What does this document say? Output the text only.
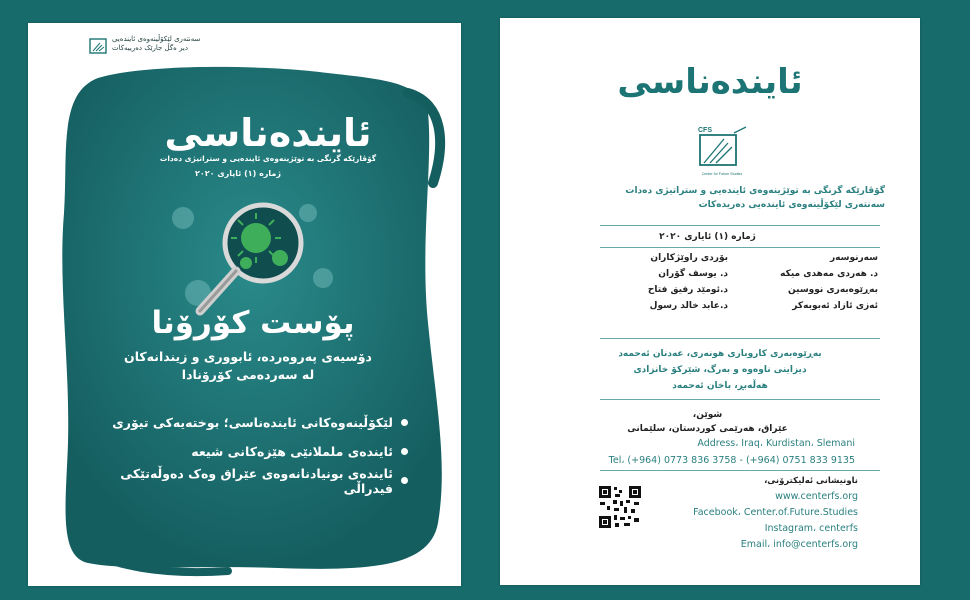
سەنتەری لێکۆڵینەوەی ئایندەیی
دیر ەگڵ جارێک دەرییەکات
ئایندەناسی
گۆڤارێکە گرنگی بە توێژینەوەی ئایندەیی و ستراتیژی دەدات
ژمارە (١) ئایاری ٢٠٢٠
پۆست کۆرۆنا
دۆسیەی پەروەردە، ئابووری و زیندانەکان
لە سەردەمی کۆرۆنادا
لێکۆڵینەوەکانی ئایندەناسی؛ بوختەیەکی تیۆری
ئایندەی ململانێی هێزەکانی شیعە
ئایندەی بونیادنانەوەی عێراق وەک دەوڵەتێکی فیدراڵی
ئایندەناسی
CFS
Center for Future Studies
گۆڤارێکە گرنگی بە توێژینەوەی ئایندەیی و ستراتیژی دەدات
سەنتەری لێکۆڵینەوەی ئایندەیی دەریدەکات
ژمارە (١) ئایاری ٢٠٢٠
سەرنوسەر
بۆردی راوێژکاران
د. هەردی مەهدی میکە
د. یوسف گۆران
بەڕێوەبەری نووسین
د.ئومێد رفیق فتاح
ئەزی ئازاد ئەبوبەکر
د.عابد خالد رسول
بەڕێوەبەری کاروباری هونەری، عەدنان ئەحمەد
دیزاینی ناوەوە و بەرگ، شێرکۆ خانزادی
هەڵەبڕ، باخان ئەحمەد
شوێن،
عێراق، هەرێمی کوردستان، سلێمانی
Address، Iraq، Kurdistan، Slemani
Tel، (+964) 0773 836 3758 - (+964) 0751 833 9135
ناونیشانی ئەلیکترۆنی،
www.centerfs.org
Facebook، Center.of.Future.Studies
Instagram، centerfs
Email، info@centerfs.org
